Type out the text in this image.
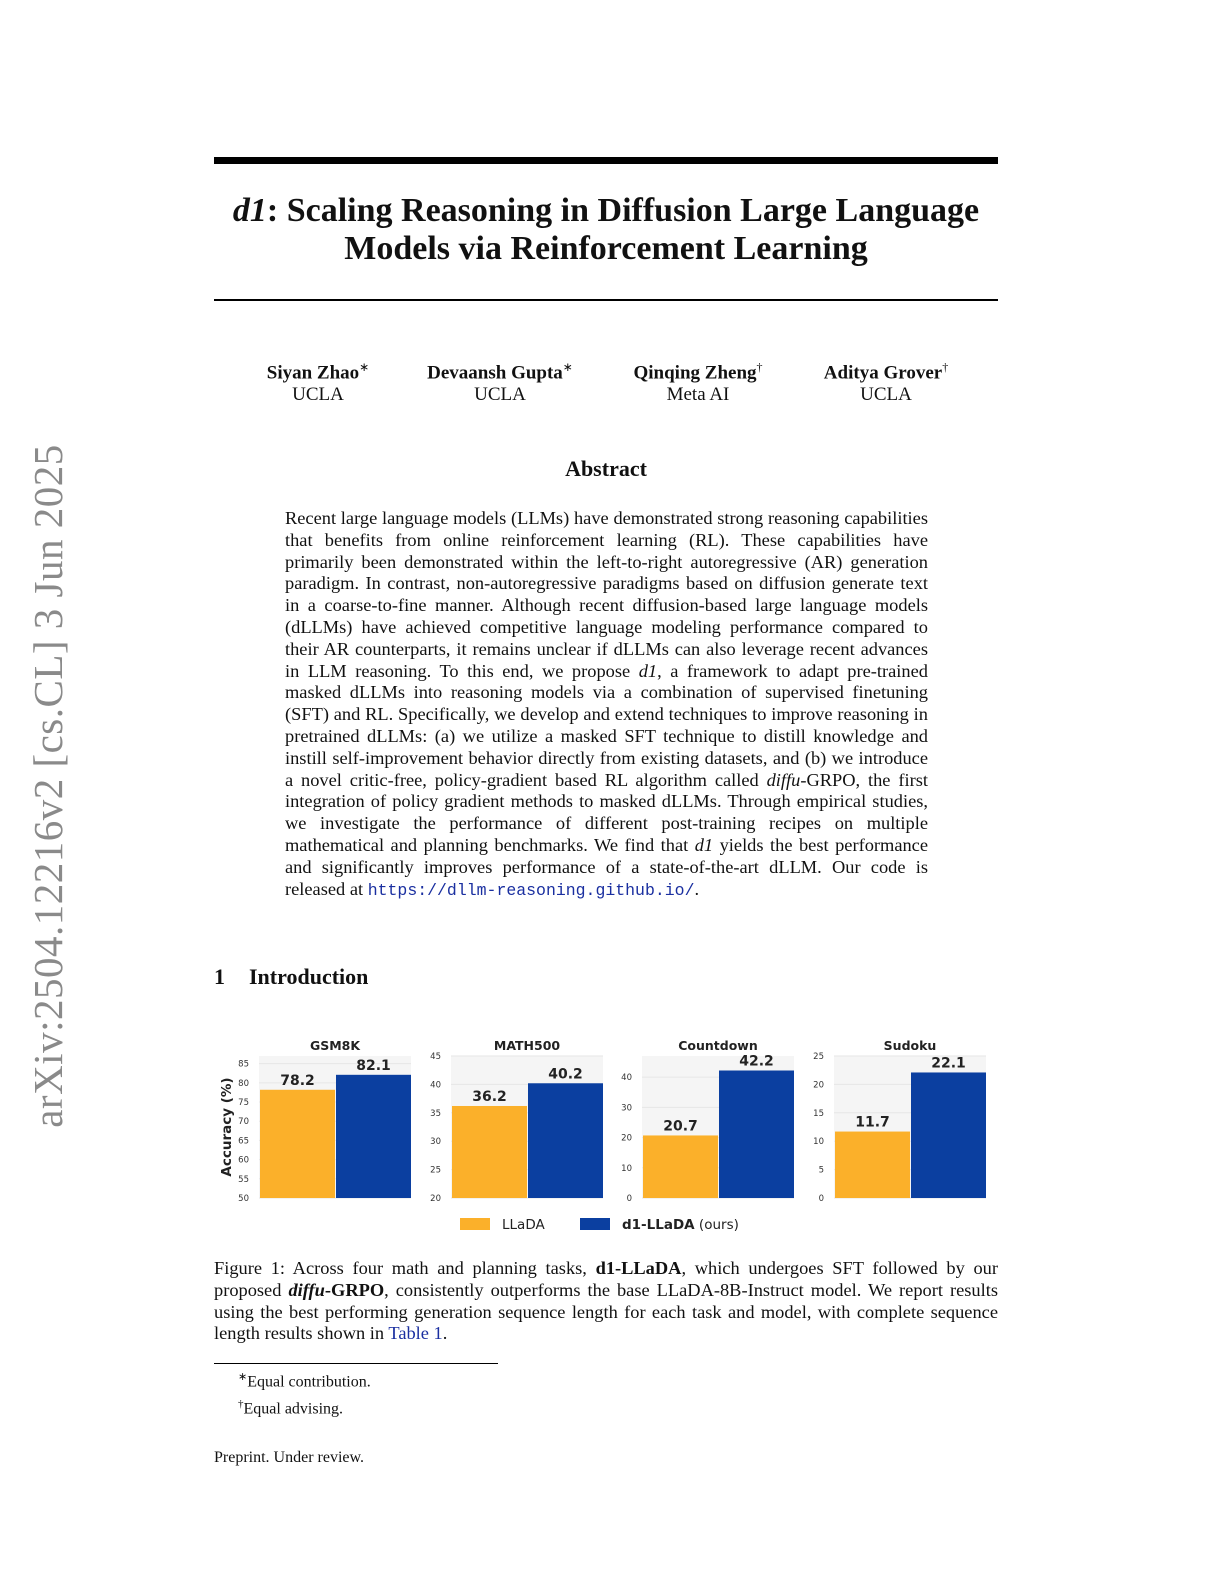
arXiv:2504.12216v2 [cs.CL] 3 Jun 2025
d1: Scaling Reasoning in Diffusion Large Language
Models via Reinforcement Learning
Siyan Zhao∗
UCLA
Devaansh Gupta∗
UCLA
Qinqing Zheng†
Meta AI
Aditya Grover†
UCLA
Abstract
Recent large language models (LLMs) have demonstrated strong reasoning capabilities that benefits from online reinforcement learning (RL). These capabilities have primarily been demonstrated within the left-to-right autoregressive (AR) generation paradigm. In contrast, non-autoregressive paradigms based on diffusion generate text in a coarse-to-fine manner. Although recent diffusion-based large language models (dLLMs) have achieved competitive language modeling performance compared to their AR counterparts, it remains unclear if dLLMs can also leverage recent advances in LLM reasoning. To this end, we propose d1, a framework to adapt pre-trained masked dLLMs into reasoning models via a combination of supervised finetuning (SFT) and RL. Specifically, we develop and extend techniques to improve reasoning in pretrained dLLMs: (a) we utilize a masked SFT technique to distill knowledge and instill self-improvement behavior directly from existing datasets, and (b) we introduce a novel critic-free, policy-gradient based RL algorithm called diffu-GRPO, the first integration of policy gradient methods to masked dLLMs. Through empirical studies, we investigate the performance of different post-training recipes on multiple mathematical and planning benchmarks. We find that d1 yields the best performance and significantly improves performance of a state-of-the-art dLLM. Our code is released at https://dllm-reasoning.github.io/.
1 Introduction
50
55
60
65
70
75
80
85
GSM8K
78.2
82.1
Accuracy (%)
20
25
30
35
40
45
MATH500
36.2
40.2
0
10
20
30
40
Countdown
20.7
42.2
0
5
10
15
20
25
Sudoku
11.7
22.1
LLaDA	d1-LLaDA (ours)
Figure 1: Across four math and planning tasks, d1-LLaDA, which undergoes SFT followed by our proposed diffu-GRPO, consistently outperforms the base LLaDA-8B-Instruct model. We report results using the best performing generation sequence length for each task and model, with complete sequence length results shown in Table 1.
∗Equal contribution.
†Equal advising.
Preprint. Under review.
